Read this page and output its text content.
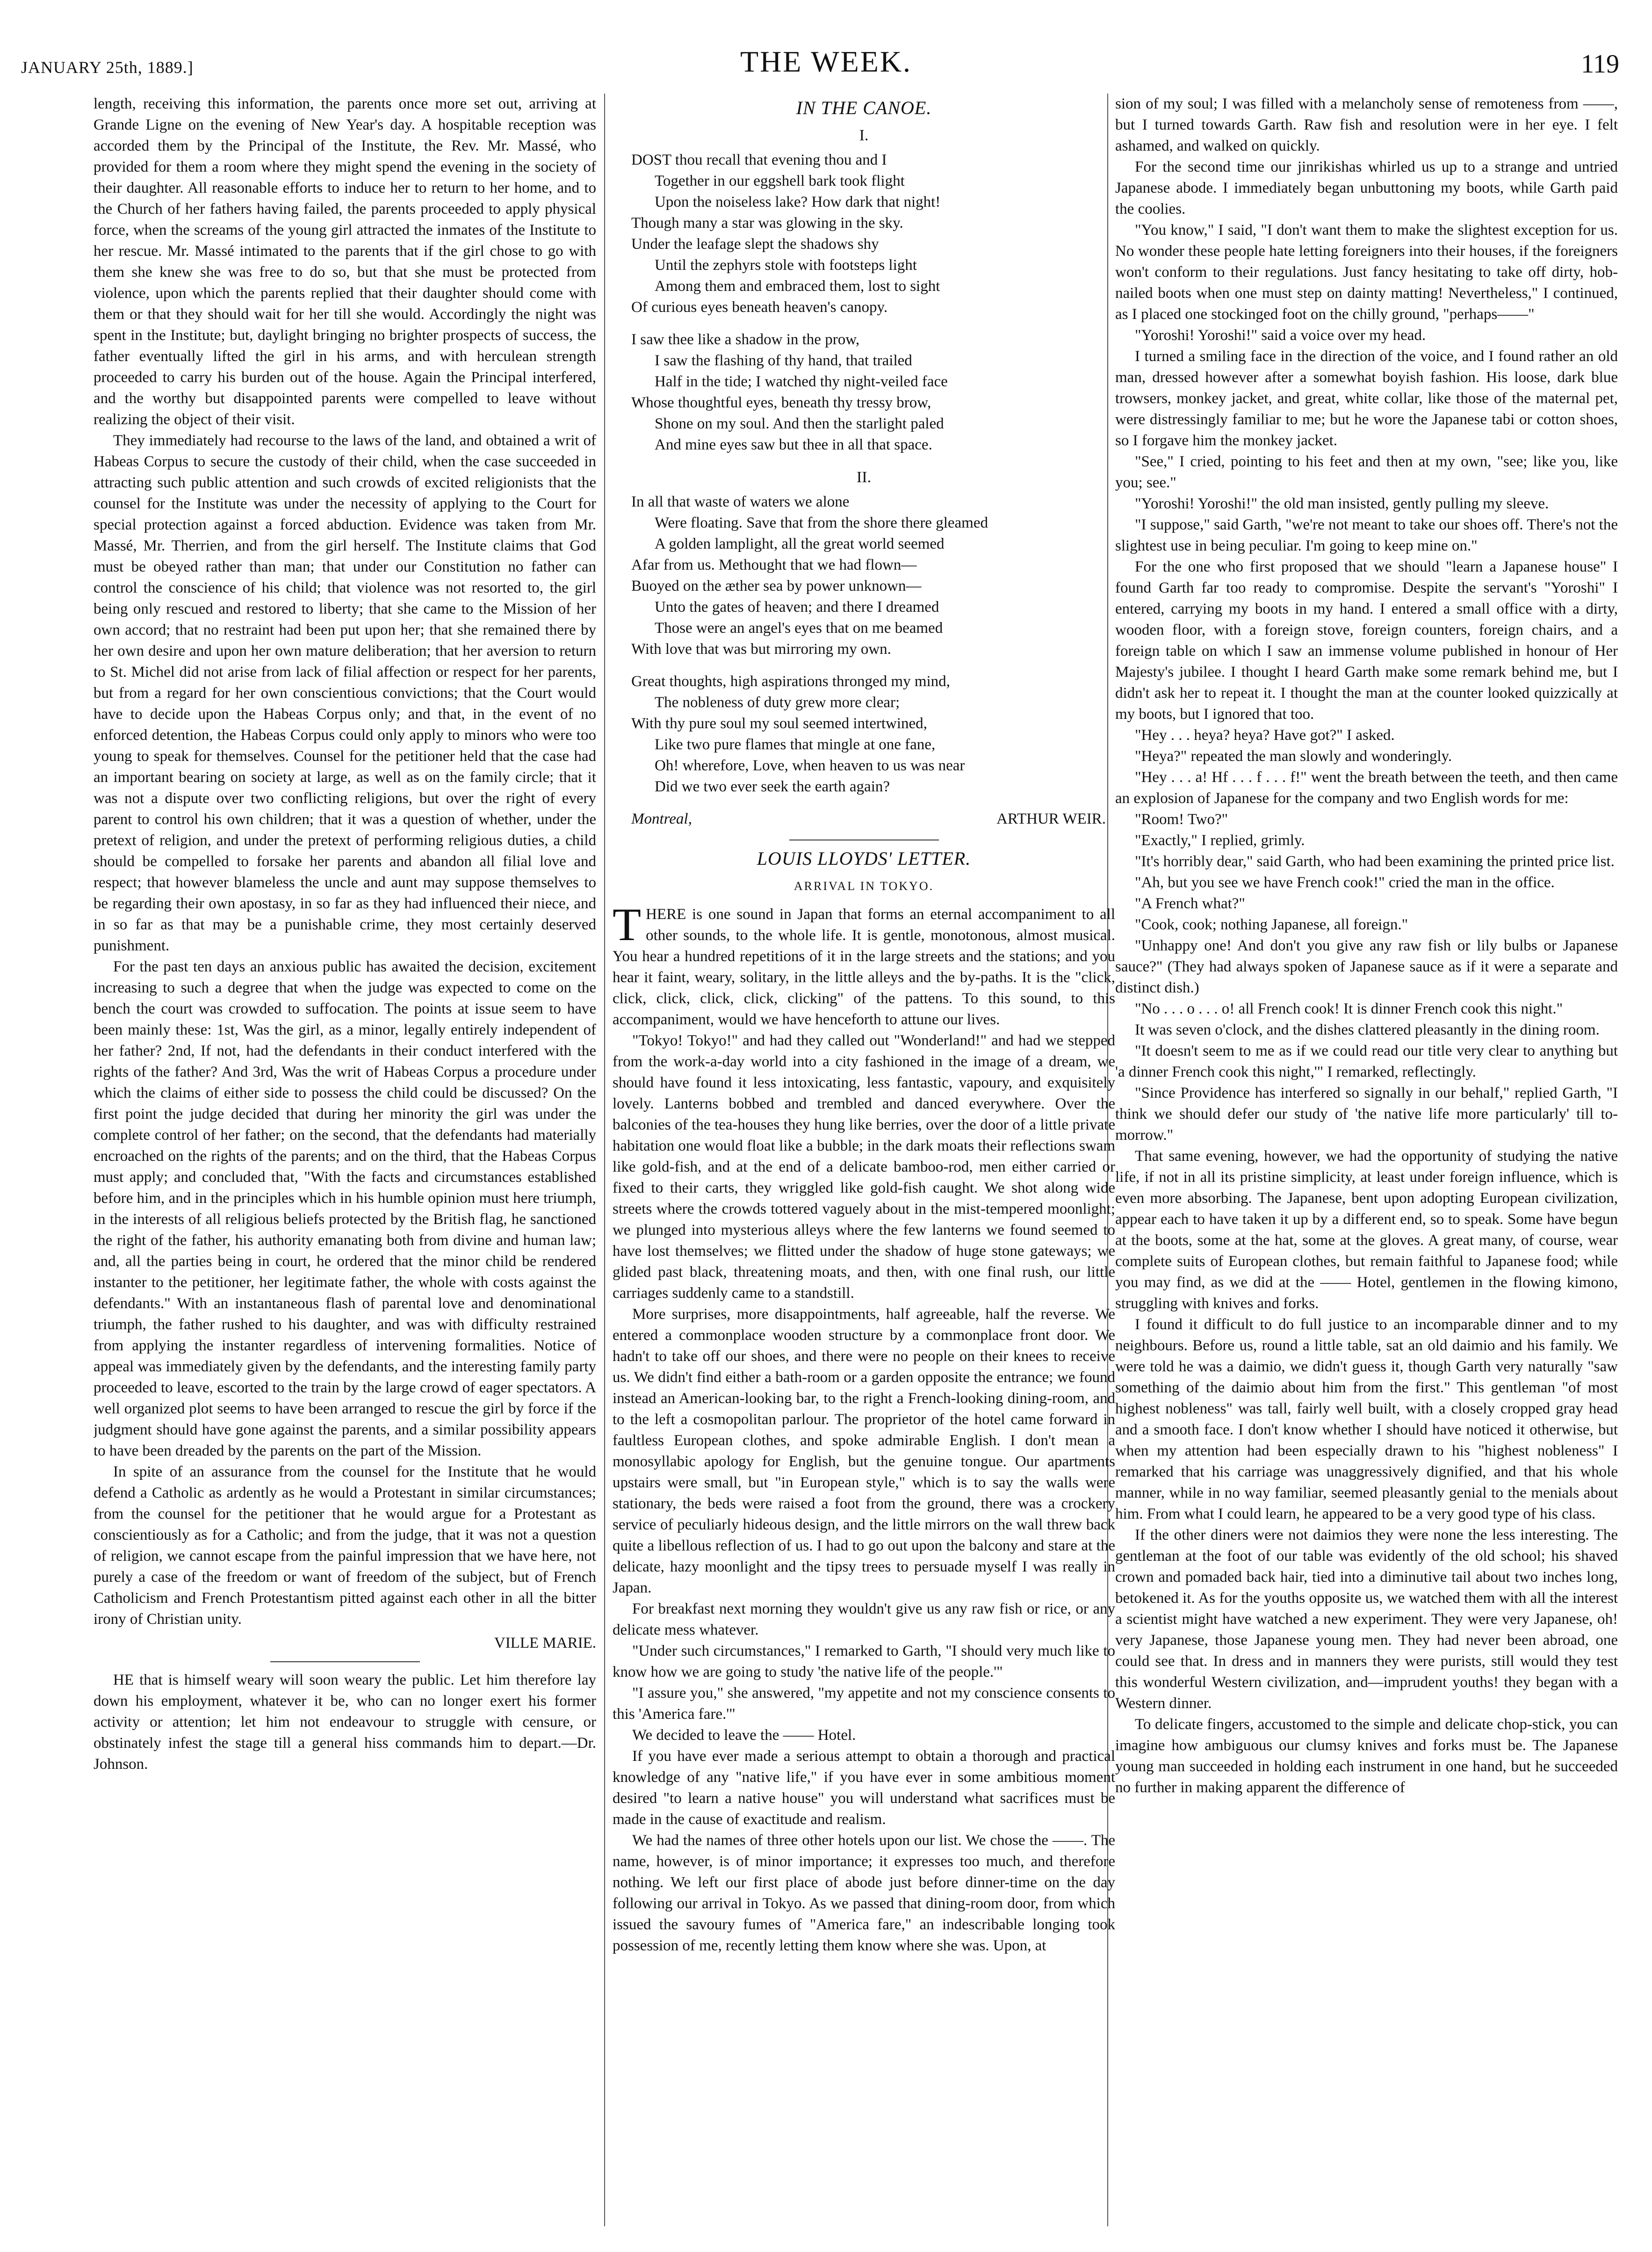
JANUARY 25th, 1889.]	THE WEEK.	119

length, receiving this information, the parents once more set out, arriving at Grande Ligne on the evening of New Year's day. A hospitable reception was accorded them by the Principal of the Institute, the Rev. Mr. Massé, who provided for them a room where they might spend the evening in the society of their daughter. All reasonable efforts to induce her to return to her home, and to the Church of her fathers having failed, the parents proceeded to apply physical force, when the screams of the young girl attracted the inmates of the Institute to her rescue. Mr. Massé intimated to the parents that if the girl chose to go with them she knew she was free to do so, but that she must be protected from violence, upon which the parents replied that their daughter should come with them or that they should wait for her till she would. Accordingly the night was spent in the Institute; but, daylight bringing no brighter prospects of success, the father eventually lifted the girl in his arms, and with herculean strength proceeded to carry his burden out of the house. Again the Principal interfered, and the worthy but disappointed parents were compelled to leave without realizing the object of their visit.

They immediately had recourse to the laws of the land, and obtained a writ of Habeas Corpus to secure the custody of their child, when the case succeeded in attracting such public attention and such crowds of excited religionists that the counsel for the Institute was under the necessity of applying to the Court for special protection against a forced abduction. Evidence was taken from Mr. Massé, Mr. Therrien, and from the girl herself. The Institute claims that God must be obeyed rather than man; that under our Constitution no father can control the conscience of his child; that violence was not resorted to, the girl being only rescued and restored to liberty; that she came to the Mission of her own accord; that no restraint had been put upon her; that she remained there by her own desire and upon her own mature deliberation; that her aversion to return to St. Michel did not arise from lack of filial affection or respect for her parents, but from a regard for her own conscientious convictions; that the Court would have to decide upon the Habeas Corpus only; and that, in the event of no enforced detention, the Habeas Corpus could only apply to minors who were too young to speak for themselves. Counsel for the petitioner held that the case had an important bearing on society at large, as well as on the family circle; that it was not a dispute over two conflicting religions, but over the right of every parent to control his own children; that it was a question of whether, under the pretext of religion, and under the pretext of performing religious duties, a child should be compelled to forsake her parents and abandon all filial love and respect; that however blameless the uncle and aunt may suppose themselves to be regarding their own apostasy, in so far as they had influenced their niece, and in so far as that may be a punishable crime, they most certainly deserved punishment.

For the past ten days an anxious public has awaited the decision, excitement increasing to such a degree that when the judge was expected to come on the bench the court was crowded to suffocation. The points at issue seem to have been mainly these: 1st, Was the girl, as a minor, legally entirely independent of her father? 2nd, If not, had the defendants in their conduct interfered with the rights of the father? And 3rd, Was the writ of Habeas Corpus a procedure under which the claims of either side to possess the child could be discussed? On the first point the judge decided that during her minority the girl was under the complete control of her father; on the second, that the defendants had materially encroached on the rights of the parents; and on the third, that the Habeas Corpus must apply; and concluded that, "With the facts and circumstances established before him, and in the principles which in his humble opinion must here triumph, in the interests of all religious beliefs protected by the British flag, he sanctioned the right of the father, his authority emanating both from divine and human law; and, all the parties being in court, he ordered that the minor child be rendered instanter to the petitioner, her legitimate father, the whole with costs against the defendants." With an instantaneous flash of parental love and denominational triumph, the father rushed to his daughter, and was with difficulty restrained from applying the instanter regardless of intervening formalities. Notice of appeal was immediately given by the defendants, and the interesting family party proceeded to leave, escorted to the train by the large crowd of eager spectators. A well organized plot seems to have been arranged to rescue the girl by force if the judgment should have gone against the parents, and a similar possibility appears to have been dreaded by the parents on the part of the Mission.

In spite of an assurance from the counsel for the Institute that he would defend a Catholic as ardently as he would a Protestant in similar circumstances; from the counsel for the petitioner that he would argue for a Protestant as conscientiously as for a Catholic; and from the judge, that it was not a question of religion, we cannot escape from the painful impression that we have here, not purely a case of the freedom or want of freedom of the subject, but of French Catholicism and French Protestantism pitted against each other in all the bitter irony of Christian unity.

VILLE MARIE.

HE that is himself weary will soon weary the public. Let him therefore lay down his employment, whatever it be, who can no longer exert his former activity or attention; let him not endeavour to struggle with censure, or obstinately infest the stage till a general hiss commands him to depart.—Dr. Johnson.

IN THE CANOE.
I.
DOST thou recall that evening thou and I
Together in our eggshell bark took flight
Upon the noiseless lake? How dark that night!
Though many a star was glowing in the sky.
Under the leafage slept the shadows shy
Until the zephyrs stole with footsteps light
Among them and embraced them, lost to sight
Of curious eyes beneath heaven's canopy.
I saw thee like a shadow in the prow,
I saw the flashing of thy hand, that trailed
Half in the tide; I watched thy night-veiled face
Whose thoughtful eyes, beneath thy tressy brow,
Shone on my soul. And then the starlight paled
And mine eyes saw but thee in all that space.
II.
In all that waste of waters we alone
Were floating. Save that from the shore there gleamed
A golden lamplight, all the great world seemed
Afar from us. Methought that we had flown—
Buoyed on the æther sea by power unknown—
Unto the gates of heaven; and there I dreamed
Those were an angel's eyes that on me beamed
With love that was but mirroring my own.
Great thoughts, high aspirations thronged my mind,
The nobleness of duty grew more clear;
With thy pure soul my soul seemed intertwined,
Like two pure flames that mingle at one fane,
Oh! wherefore, Love, when heaven to us was near
Did we two ever seek the earth again?
Montreal,	ARTHUR WEIR.
LOUIS LLOYDS' LETTER.
ARRIVAL IN TOKYO.

THERE is one sound in Japan that forms an eternal accompaniment to all other sounds, to the whole life. It is gentle, monotonous, almost musical. You hear a hundred repetitions of it in the large streets and the stations; and you hear it faint, weary, solitary, in the little alleys and the by-paths. It is the "click, click, click, click, click, clicking" of the pattens. To this sound, to this accompaniment, would we have henceforth to attune our lives.

"Tokyo! Tokyo!" and had they called out "Wonderland!" and had we stepped from the work-a-day world into a city fashioned in the image of a dream, we should have found it less intoxicating, less fantastic, vapoury, and exquisitely lovely. Lanterns bobbed and trembled and danced everywhere. Over the balconies of the tea-houses they hung like berries, over the door of a little private habitation one would float like a bubble; in the dark moats their reflections swam like gold-fish, and at the end of a delicate bamboo-rod, men either carried or fixed to their carts, they wriggled like gold-fish caught. We shot along wide streets where the crowds tottered vaguely about in the mist-tempered moonlight; we plunged into mysterious alleys where the few lanterns we found seemed to have lost themselves; we flitted under the shadow of huge stone gateways; we glided past black, threatening moats, and then, with one final rush, our little carriages suddenly came to a standstill.

More surprises, more disappointments, half agreeable, half the reverse. We entered a commonplace wooden structure by a commonplace front door. We hadn't to take off our shoes, and there were no people on their knees to receive us. We didn't find either a bath-room or a garden opposite the entrance; we found instead an American-looking bar, to the right a French-looking dining-room, and to the left a cosmopolitan parlour. The proprietor of the hotel came forward in faultless European clothes, and spoke admirable English. I don't mean a monosyllabic apology for English, but the genuine tongue. Our apartments upstairs were small, but "in European style," which is to say the walls were stationary, the beds were raised a foot from the ground, there was a crockery service of peculiarly hideous design, and the little mirrors on the wall threw back quite a libellous reflection of us. I had to go out upon the balcony and stare at the delicate, hazy moonlight and the tipsy trees to persuade myself I was really in Japan.

For breakfast next morning they wouldn't give us any raw fish or rice, or any delicate mess whatever.

"Under such circumstances," I remarked to Garth, "I should very much like to know how we are going to study 'the native life of the people.'"

"I assure you," she answered, "my appetite and not my conscience consents to this 'America fare.'"

We decided to leave the —— Hotel.

If you have ever made a serious attempt to obtain a thorough and practical knowledge of any "native life," if you have ever in some ambitious moment desired "to learn a native house" you will understand what sacrifices must be made in the cause of exactitude and realism.

We had the names of three other hotels upon our list. We chose the ——. The name, however, is of minor importance; it expresses too much, and therefore nothing. We left our first place of abode just before dinner-time on the day following our arrival in Tokyo. As we passed that dining-room door, from which issued the savoury fumes of "America fare," an indescribable longing took possession of me, recently letting them know where she was. Upon, at

sion of my soul; I was filled with a melancholy sense of remoteness from ——, but I turned towards Garth. Raw fish and resolution were in her eye. I felt ashamed, and walked on quickly.

For the second time our jinrikishas whirled us up to a strange and untried Japanese abode. I immediately began unbuttoning my boots, while Garth paid the coolies.

"You know," I said, "I don't want them to make the slightest exception for us. No wonder these people hate letting foreigners into their houses, if the foreigners won't conform to their regulations. Just fancy hesitating to take off dirty, hob-nailed boots when one must step on dainty matting! Nevertheless," I continued, as I placed one stockinged foot on the chilly ground, "perhaps——"

"Yoroshi! Yoroshi!" said a voice over my head.

I turned a smiling face in the direction of the voice, and I found rather an old man, dressed however after a somewhat boyish fashion. His loose, dark blue trowsers, monkey jacket, and great, white collar, like those of the maternal pet, were distressingly familiar to me; but he wore the Japanese tabi or cotton shoes, so I forgave him the monkey jacket.

"See," I cried, pointing to his feet and then at my own, "see; like you, like you; see."

"Yoroshi! Yoroshi!" the old man insisted, gently pulling my sleeve.

"I suppose," said Garth, "we're not meant to take our shoes off. There's not the slightest use in being peculiar. I'm going to keep mine on."

For the one who first proposed that we should "learn a Japanese house" I found Garth far too ready to compromise. Despite the servant's "Yoroshi" I entered, carrying my boots in my hand. I entered a small office with a dirty, wooden floor, with a foreign stove, foreign counters, foreign chairs, and a foreign table on which I saw an immense volume published in honour of Her Majesty's jubilee. I thought I heard Garth make some remark behind me, but I didn't ask her to repeat it. I thought the man at the counter looked quizzically at my boots, but I ignored that too.

"Hey . . . heya? heya? Have got?" I asked.

"Heya?" repeated the man slowly and wonderingly.

"Hey . . . a! Hf . . . f . . . f!" went the breath between the teeth, and then came an explosion of Japanese for the company and two English words for me:

"Room! Two?"

"Exactly," I replied, grimly.

"It's horribly dear," said Garth, who had been examining the printed price list.

"Ah, but you see we have French cook!" cried the man in the office.

"A French what?"

"Cook, cook; nothing Japanese, all foreign."

"Unhappy one! And don't you give any raw fish or lily bulbs or Japanese sauce?" (They had always spoken of Japanese sauce as if it were a separate and distinct dish.)

"No . . . o . . . o! all French cook! It is dinner French cook this night."

It was seven o'clock, and the dishes clattered pleasantly in the dining room.

"It doesn't seem to me as if we could read our title very clear to anything but 'a dinner French cook this night,'" I remarked, reflectingly.

"Since Providence has interfered so signally in our behalf," replied Garth, "I think we should defer our study of 'the native life more particularly' till to-morrow."

That same evening, however, we had the opportunity of studying the native life, if not in all its pristine simplicity, at least under foreign influence, which is even more absorbing. The Japanese, bent upon adopting European civilization, appear each to have taken it up by a different end, so to speak. Some have begun at the boots, some at the hat, some at the gloves. A great many, of course, wear complete suits of European clothes, but remain faithful to Japanese food; while you may find, as we did at the —— Hotel, gentlemen in the flowing kimono, struggling with knives and forks.

I found it difficult to do full justice to an incomparable dinner and to my neighbours. Before us, round a little table, sat an old daimio and his family. We were told he was a daimio, we didn't guess it, though Garth very naturally "saw something of the daimio about him from the first." This gentleman "of most highest nobleness" was tall, fairly well built, with a closely cropped gray head and a smooth face. I don't know whether I should have noticed it otherwise, but when my attention had been especially drawn to his "highest nobleness" I remarked that his carriage was unaggressively dignified, and that his whole manner, while in no way familiar, seemed pleasantly genial to the menials about him. From what I could learn, he appeared to be a very good type of his class.

If the other diners were not daimios they were none the less interesting. The gentleman at the foot of our table was evidently of the old school; his shaved crown and pomaded back hair, tied into a diminutive tail about two inches long, betokened it. As for the youths opposite us, we watched them with all the interest a scientist might have watched a new experiment. They were very Japanese, oh! very Japanese, those Japanese young men. They had never been abroad, one could see that. In dress and in manners they were purists, still would they test this wonderful Western civilization, and—imprudent youths! they began with a Western dinner.

To delicate fingers, accustomed to the simple and delicate chop-stick, you can imagine how ambiguous our clumsy knives and forks must be. The Japanese young man succeeded in holding each instrument in one hand, but he succeeded no further in making apparent the difference of
